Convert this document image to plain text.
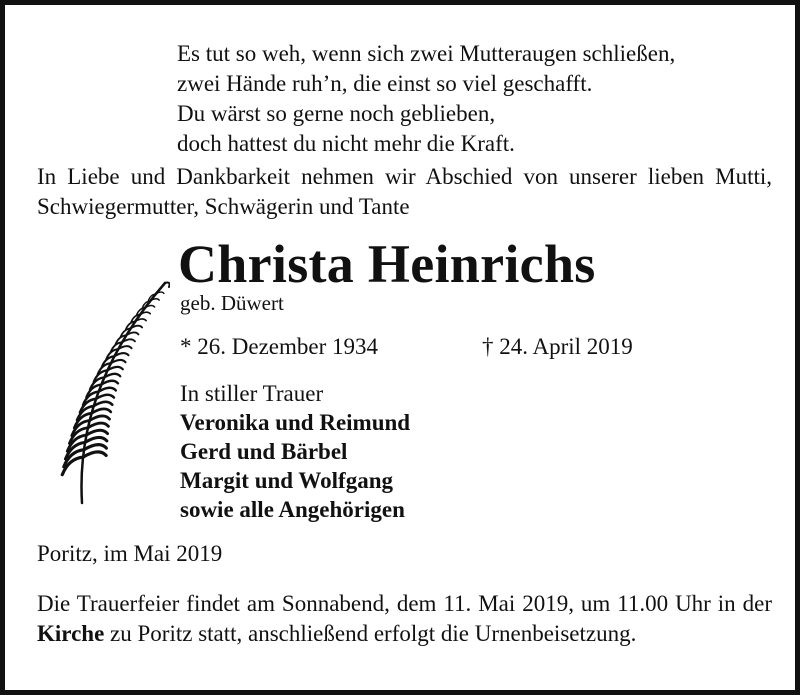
Es tut so weh, wenn sich zwei Mutteraugen schließen,
zwei Hände ruh’n, die einst so viel geschafft.
Du wärst so gerne noch geblieben,
doch hattest du nicht mehr die Kraft.
In Liebe und Dankbarkeit nehmen wir Abschied von unserer lieben Mutti, Schwiegermutter, Schwägerin und Tante
Christa Heinrichs
geb. Düwert
* 26. Dezember 1934	† 24. April 2019
In stiller Trauer
Veronika und Reimund
Gerd und Bärbel
Margit und Wolfgang
sowie alle Angehörigen
Poritz, im Mai 2019
Die Trauerfeier findet am Sonnabend, dem 11. Mai 2019, um 11.00 Uhr in der Kirche zu Poritz statt, anschließend erfolgt die Urnenbeisetzung.
